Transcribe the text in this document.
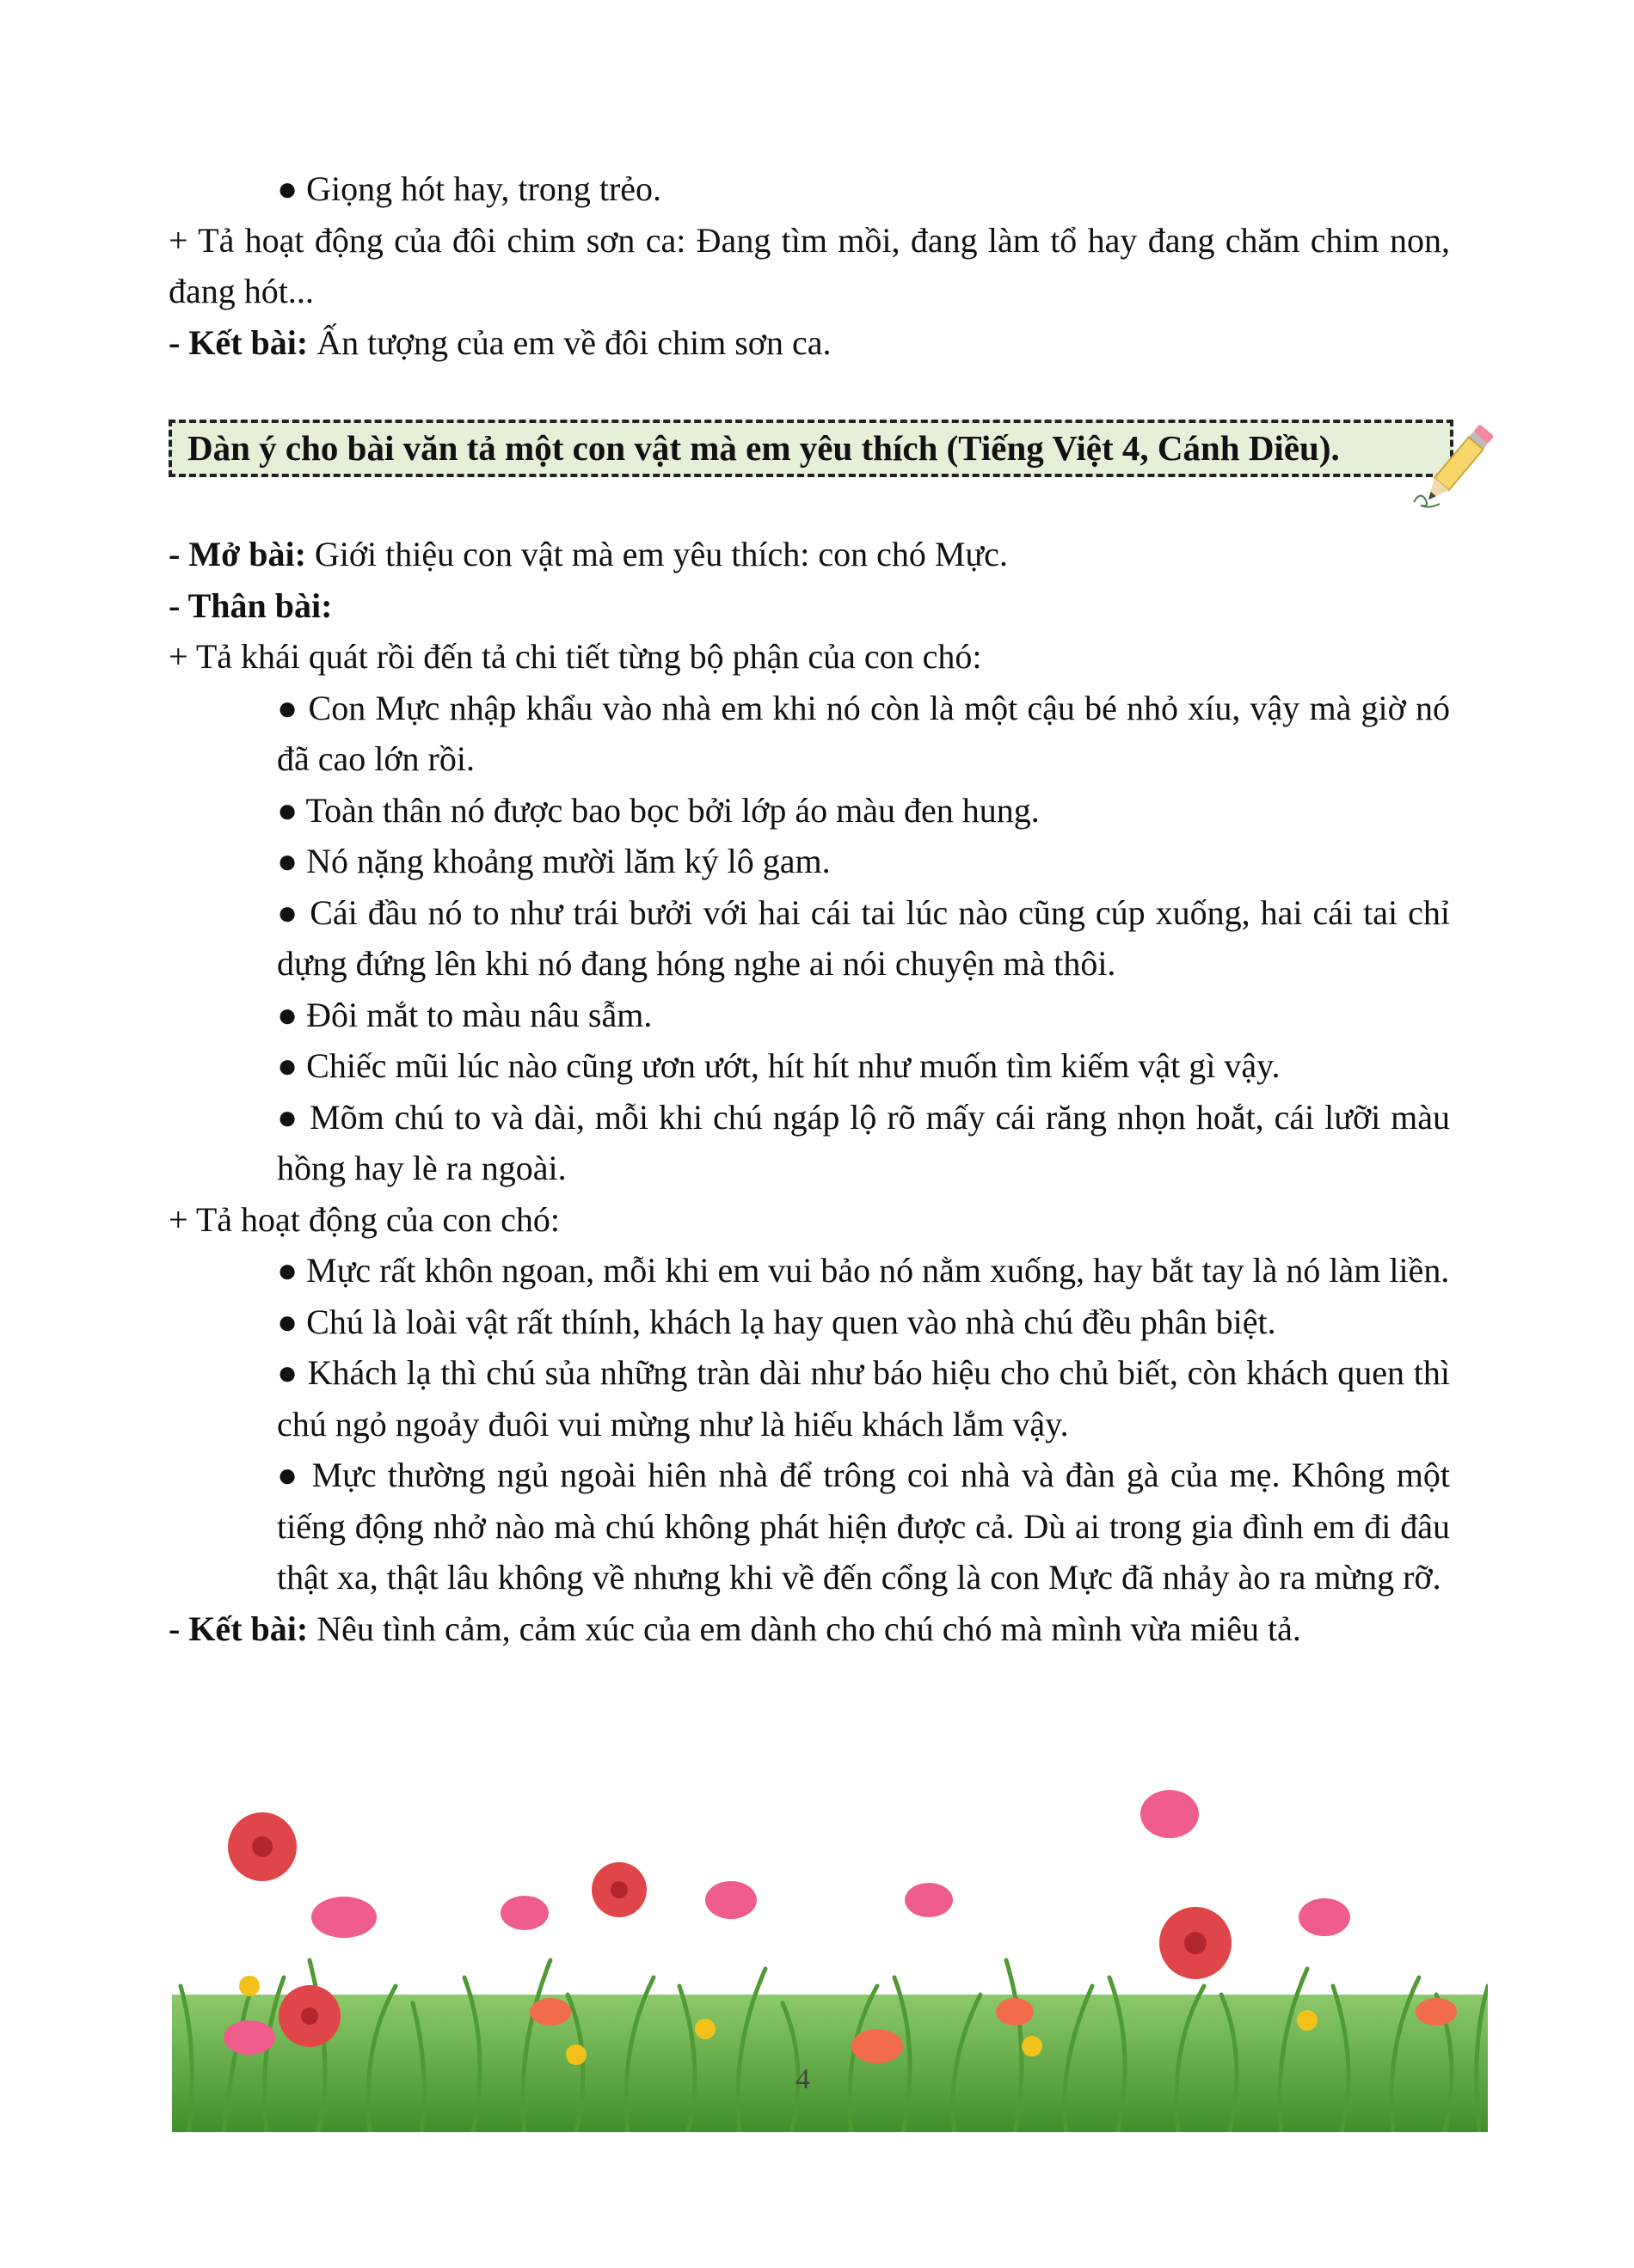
● Giọng hót hay, trong trẻo.

+ Tả hoạt động của đôi chim sơn ca: Đang tìm mồi, đang làm tổ hay đang chăm chim non, đang hót...

- Kết bài: Ấn tượng của em về đôi chim sơn ca.

Dàn ý cho bài văn tả một con vật mà em yêu thích (Tiếng Việt 4, Cánh Diều).

- Mở bài: Giới thiệu con vật mà em yêu thích: con chó Mực.

- Thân bài:

+ Tả khái quát rồi đến tả chi tiết từng bộ phận của con chó:

● Con Mực nhập khẩu vào nhà em khi nó còn là một cậu bé nhỏ xíu, vậy mà giờ nó đã cao lớn rồi.

● Toàn thân nó được bao bọc bởi lớp áo màu đen hung.

● Nó nặng khoảng mười lăm ký lô gam.

● Cái đầu nó to như trái bưởi với hai cái tai lúc nào cũng cúp xuống, hai cái tai chỉ dựng đứng lên khi nó đang hóng nghe ai nói chuyện mà thôi.

● Đôi mắt to màu nâu sẫm.

● Chiếc mũi lúc nào cũng ươn ướt, hít hít như muốn tìm kiếm vật gì vậy.

● Mõm chú to và dài, mỗi khi chú ngáp lộ rõ mấy cái răng nhọn hoắt, cái lưỡi màu hồng hay lè ra ngoài.

+ Tả hoạt động của con chó:

● Mực rất khôn ngoan, mỗi khi em vui bảo nó nằm xuống, hay bắt tay là nó làm liền.

● Chú là loài vật rất thính, khách lạ hay quen vào nhà chú đều phân biệt.

● Khách lạ thì chú sủa những tràn dài như báo hiệu cho chủ biết, còn khách quen thì chú ngỏ ngoảy đuôi vui mừng như là hiếu khách lắm vậy.

● Mực thường ngủ ngoài hiên nhà để trông coi nhà và đàn gà của mẹ. Không một tiếng động nhở nào mà chú không phát hiện được cả. Dù ai trong gia đình em đi đâu thật xa, thật lâu không về nhưng khi về đến cổng là con Mực đã nhảy ào ra mừng rỡ.

- Kết bài: Nêu tình cảm, cảm xúc của em dành cho chú chó mà mình vừa miêu tả.

4
